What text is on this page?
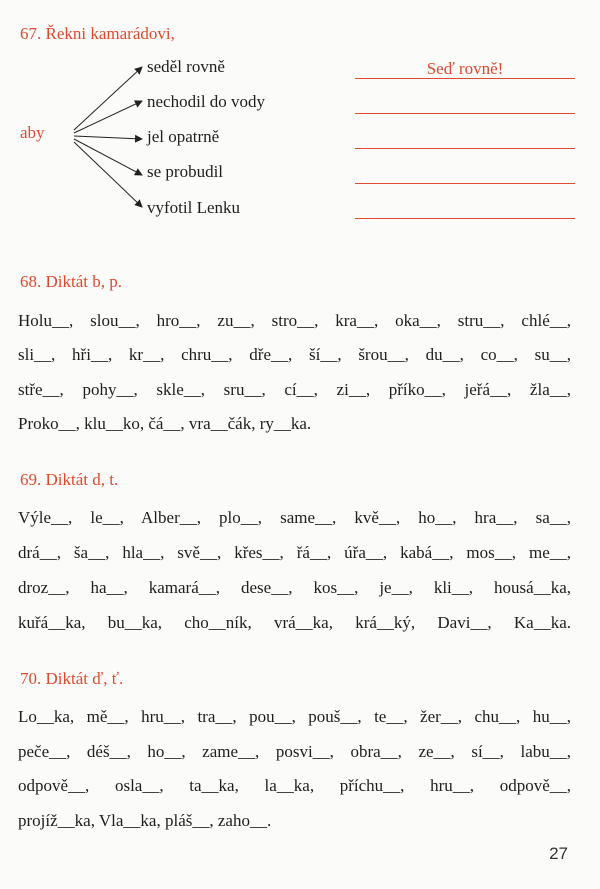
67. Řekni kamarádovi,
aby
seděl rovně
nechodil do vody
jel opatrně
se probudil
vyfotil Lenku
Seď rovně!
68. Diktát b, p.
Holu__, slou__, hro__, zu__, stro__, kra__, oka__, stru__, chlé__,
sli__, hři__, kr__, chru__, dře__, ší__, šrou__, du__, co__, su__,
stře__, pohy__, skle__, sru__, cí__, zi__, příko__, jeřá__, žla__,
Proko__, klu__ko, čá__, vra__čák, ry__ka.
69. Diktát d, t.
Výle__, le__, Alber__, plo__, same__, kvě__, ho__, hra__, sa__,
drá__, ša__, hla__, svě__, křes__, řá__, úřa__, kabá__, mos__, me__,
droz__, ha__, kamará__, dese__, kos__, je__, kli__, housá__ka,
kuřá__ka, bu__ka, cho__ník, vrá__ka, krá__ký, Davi__, Ka__ka.
70. Diktát ď, ť.
Lo__ka, mě__, hru__, tra__, pou__, pouš__, te__, žer__, chu__, hu__,
peče__, déš__, ho__, zame__, posvi__, obra__, ze__, sí__, labu__,
odpově__, osla__, ta__ka, la__ka, příchu__, hru__, odpově__,
projíž__ka, Vla__ka, pláš__, zaho__.
27
